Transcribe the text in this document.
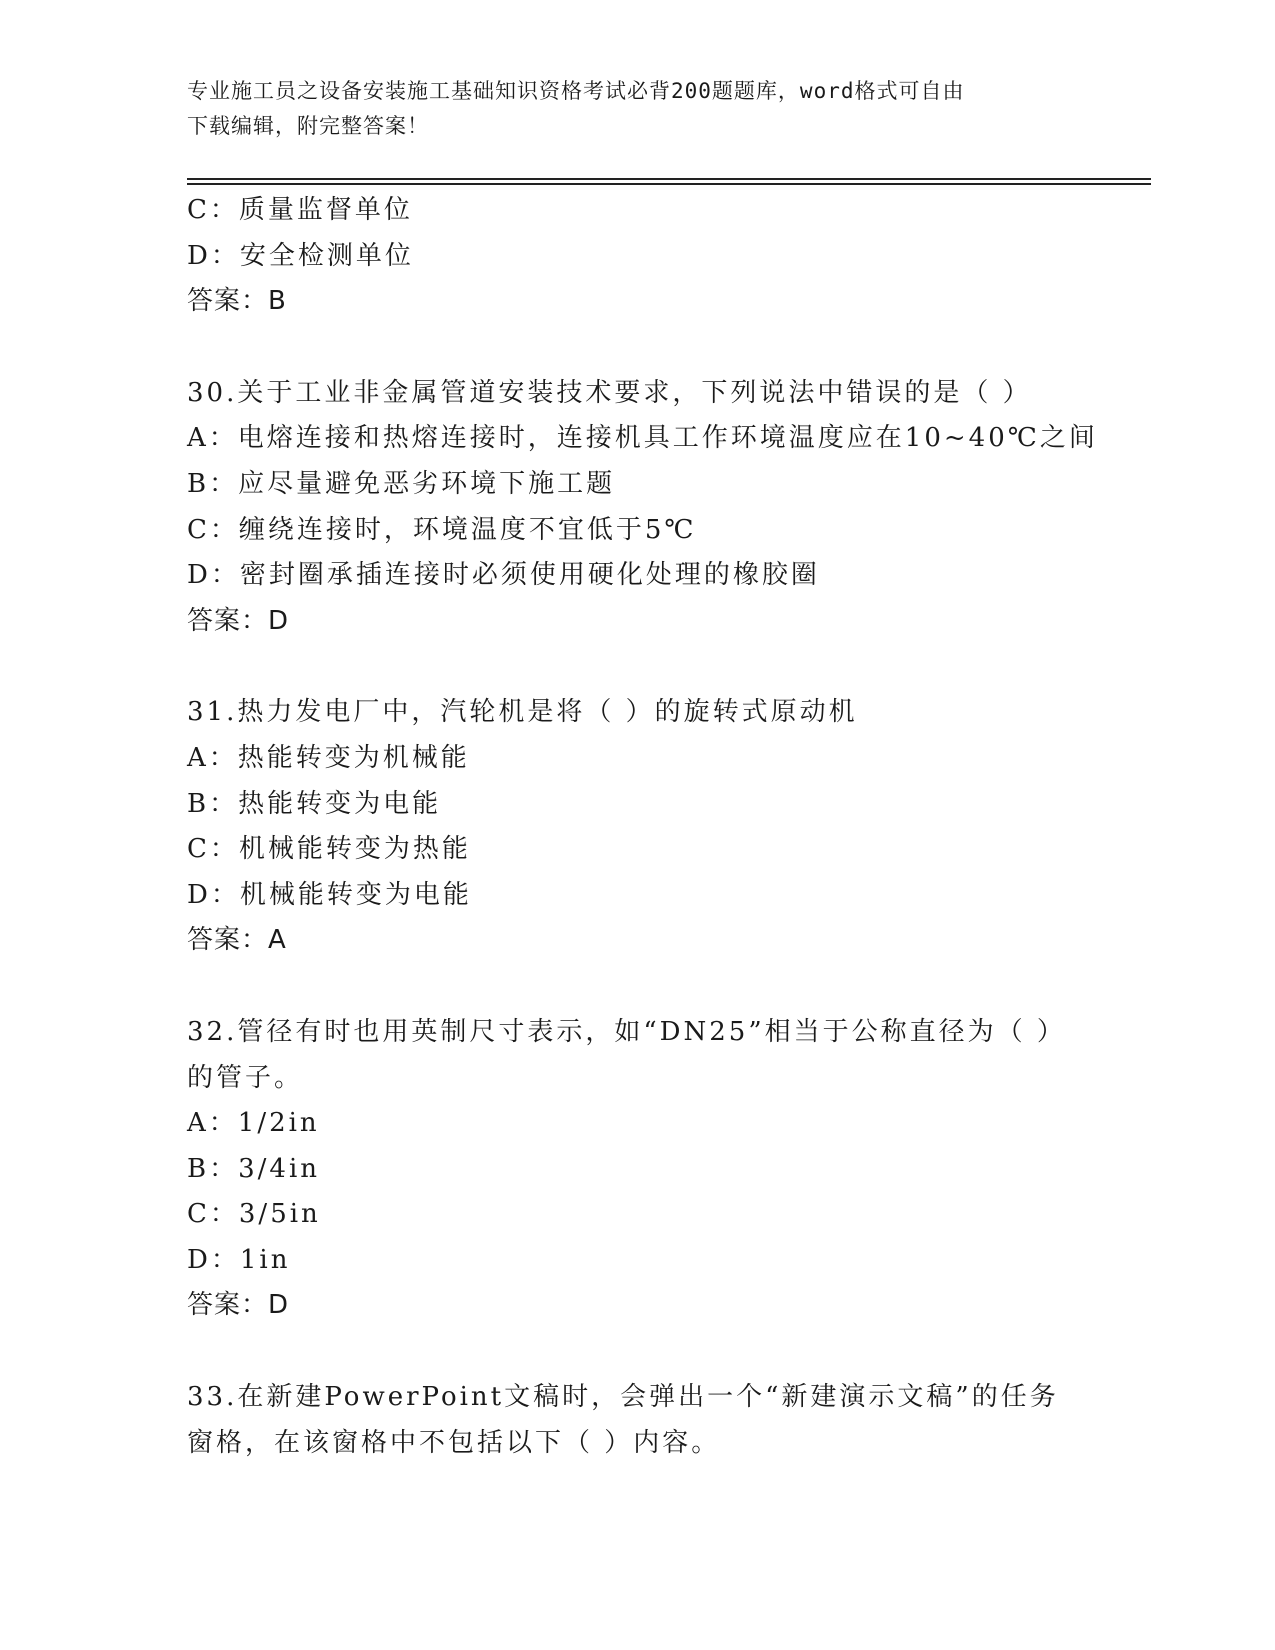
专业施工员之设备安装施工基础知识资格考试必背200题题库，word格式可自由
下载编辑，附完整答案！
C：质量监督单位
D：安全检测单位
答案：B
30.关于工业非金属管道安装技术要求，下列说法中错误的是（ ）
A：电熔连接和热熔连接时，连接机具工作环境温度应在10~40℃之间
B：应尽量避免恶劣环境下施工题
C：缠绕连接时，环境温度不宜低于5℃
D：密封圈承插连接时必须使用硬化处理的橡胶圈
答案：D
31.热力发电厂中，汽轮机是将（ ）的旋转式原动机
A：热能转变为机械能
B：热能转变为电能
C：机械能转变为热能
D：机械能转变为电能
答案：A
32.管径有时也用英制尺寸表示，如“DN25”相当于公称直径为（ ）
的管子。
A：1/2in
B：3/4in
C：3/5in
D：1in
答案：D
33.在新建PowerPoint文稿时，会弹出一个“新建演示文稿”的任务
窗格，在该窗格中不包括以下（ ）内容。
